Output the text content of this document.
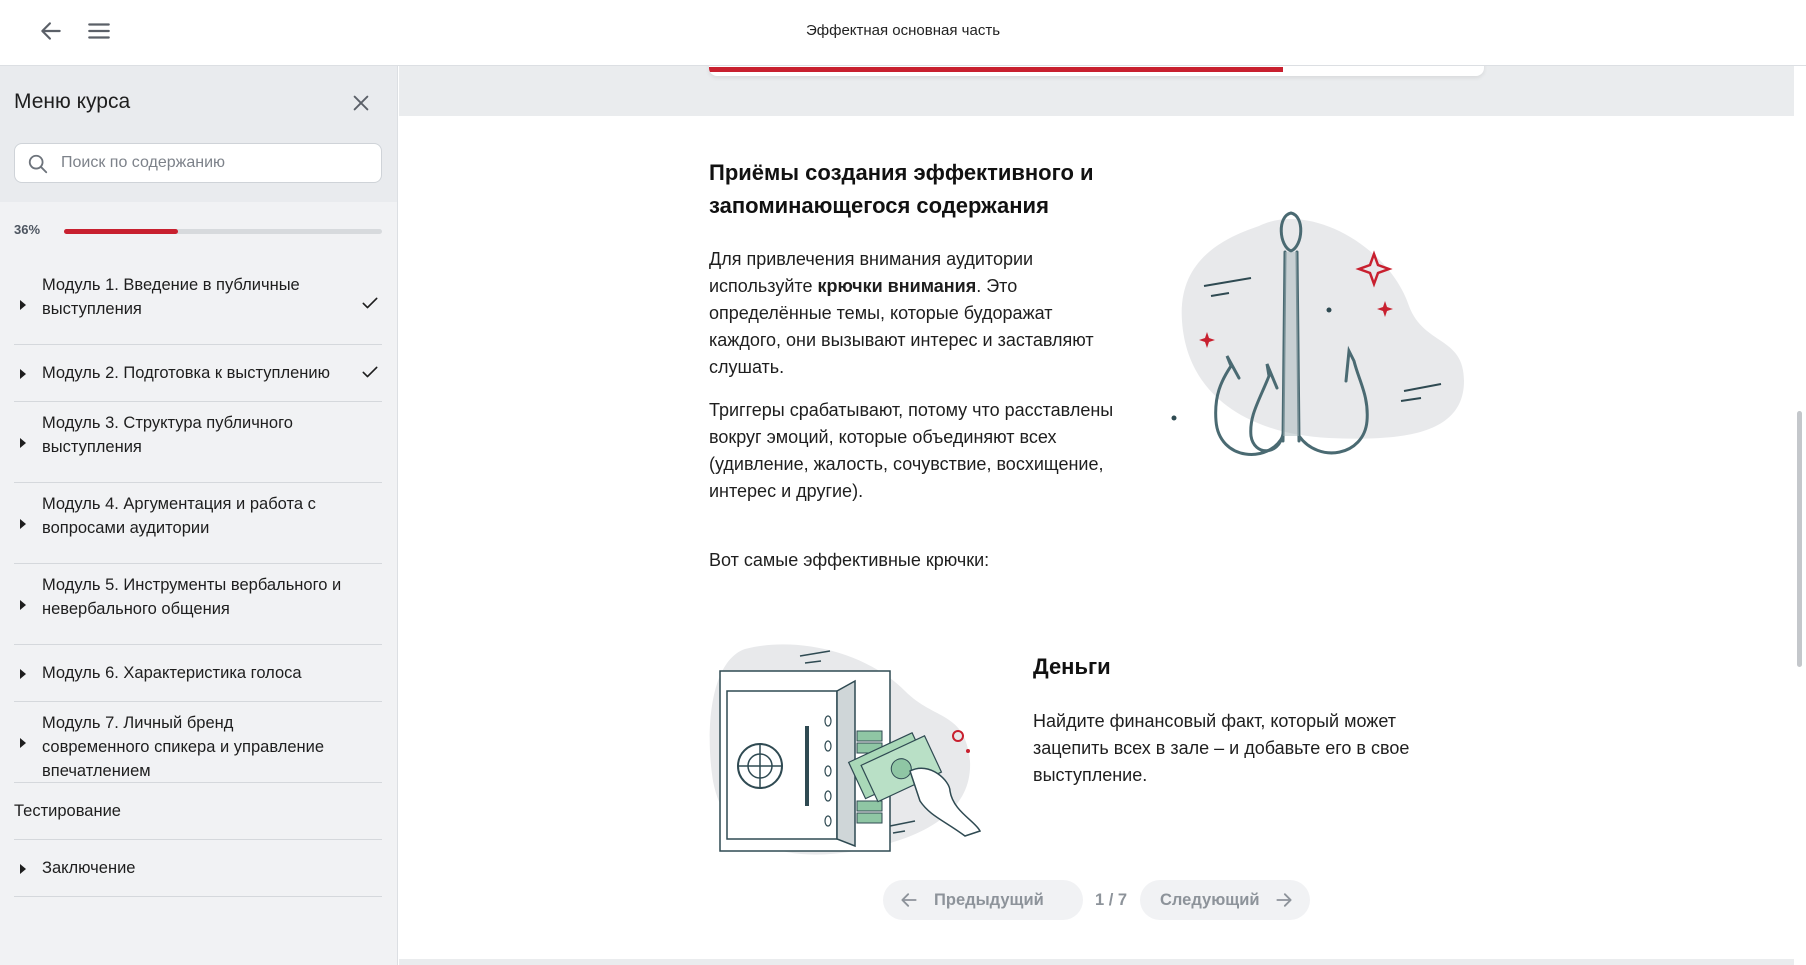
Эффектная основная часть
Меню курса
Поиск по содержанию
36%
Модуль 1. Введение в публичные выступления
Модуль 2. Подготовка к выступлению
Модуль 3. Структура публичного выступления
Модуль 4. Аргументация и работа с вопросами аудитории
Модуль 5. Инструменты вербального и невербального общения
Модуль 6. Характеристика голоса
Модуль 7. Личный бренд современного спикера и управление впечатлением
Тестирование
Заключение
Приёмы создания эффективного и запоминающегося содержания
Для привлечения внимания аудитории используйте крючки внимания. Это определённые темы, которые будоражат каждого, они вызывают интерес и заставляют слушать.
Триггеры срабатывают, потому что расставлены вокруг эмоций, которые объединяют всех (удивление, жалость, сочувствие, восхищение, интерес и другие).
Вот самые эффективные крючки:
Деньги
Найдите финансовый факт, который может зацепить всех в зале – и добавьте его в свое выступление.
Предыдущий	1 / 7	Следующий
